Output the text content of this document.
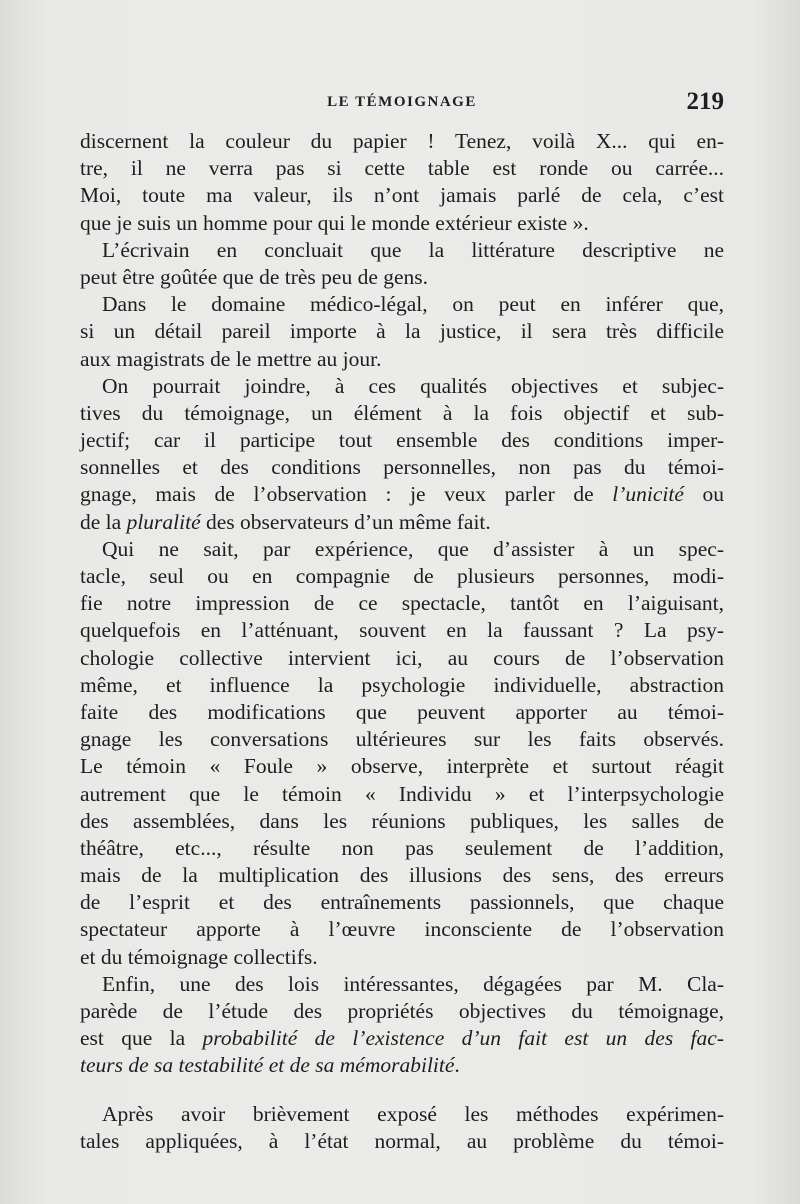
LE TÉMOIGNAGE	219
discernent la couleur du papier ! Tenez, voilà X... qui en-
tre, il ne verra pas si cette table est ronde ou carrée...
Moi, toute ma valeur, ils n’ont jamais parlé de cela, c’est
que je suis un homme pour qui le monde extérieur existe ».
L’écrivain en concluait que la littérature descriptive ne
peut être goûtée que de très peu de gens.
Dans le domaine médico-légal, on peut en inférer que,
si un détail pareil importe à la justice, il sera très difficile
aux magistrats de le mettre au jour.
On pourrait joindre, à ces qualités objectives et subjec-
tives du témoignage, un élément à la fois objectif et sub-
jectif; car il participe tout ensemble des conditions imper-
sonnelles et des conditions personnelles, non pas du témoi-
gnage, mais de l’observation : je veux parler de l’unicité ou
de la pluralité des observateurs d’un même fait.
Qui ne sait, par expérience, que d’assister à un spec-
tacle, seul ou en compagnie de plusieurs personnes, modi-
fie notre impression de ce spectacle, tantôt en l’aiguisant,
quelquefois en l’atténuant, souvent en la faussant ? La psy-
chologie collective intervient ici, au cours de l’observation
même, et influence la psychologie individuelle, abstraction
faite des modifications que peuvent apporter au témoi-
gnage les conversations ultérieures sur les faits observés.
Le témoin « Foule » observe, interprète et surtout réagit
autrement que le témoin « Individu » et l’interpsychologie
des assemblées, dans les réunions publiques, les salles de
théâtre, etc..., résulte non pas seulement de l’addition,
mais de la multiplication des illusions des sens, des erreurs
de l’esprit et des entraînements passionnels, que chaque
spectateur apporte à l’œuvre inconsciente de l’observation
et du témoignage collectifs.
Enfin, une des lois intéressantes, dégagées par M. Cla-
parède de l’étude des propriétés objectives du témoignage,
est que la probabilité de l’existence d’un fait est un des fac-
teurs de sa testabilité et de sa mémorabilité.
Après avoir brièvement exposé les méthodes expérimen-
tales appliquées, à l’état normal, au problème du témoi-
